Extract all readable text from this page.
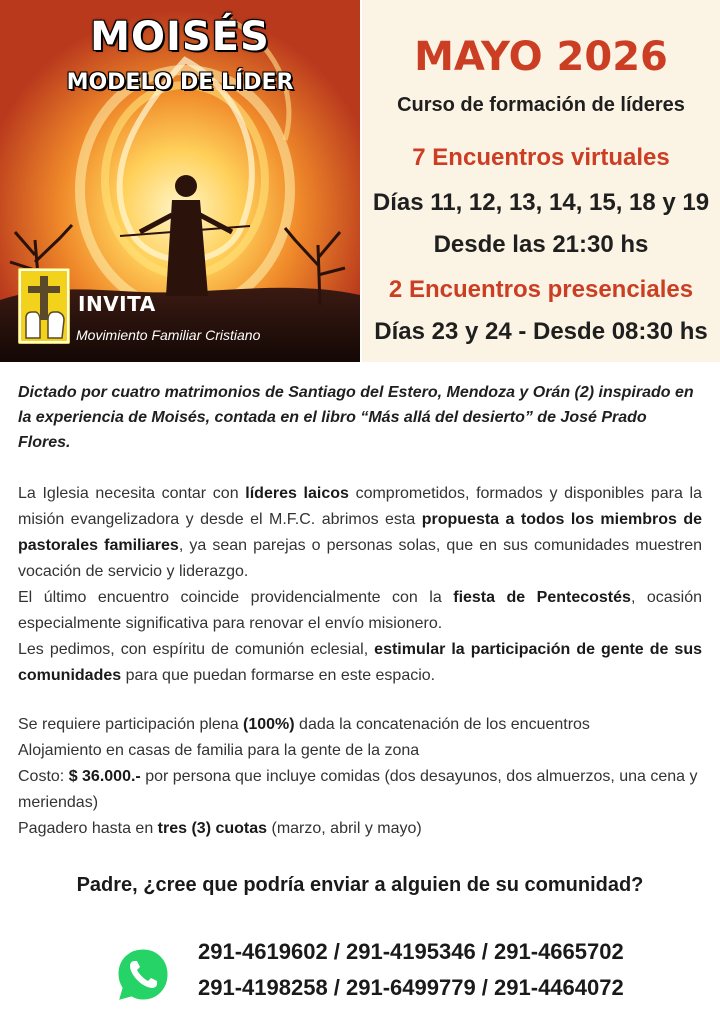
MOISÉS
MODELO DE LÍDER
INVITA
Movimiento Familiar Cristiano
MAYO 2026
Curso de formación de líderes
7 Encuentros virtuales
Días 11, 12, 13, 14, 15, 18 y 19
Desde las 21:30 hs
2 Encuentros presenciales
Días 23 y 24 - Desde 08:30 hs
Dictado por cuatro matrimonios de Santiago del Estero, Mendoza y Orán (2) inspirado en la experiencia de Moisés, contada en el libro “Más allá del desierto” de José Prado Flores.

La Iglesia necesita contar con líderes laicos comprometidos, formados y disponibles para la misión evangelizadora y desde el M.F.C. abrimos esta propuesta a todos los miembros de pastorales familiares, ya sean parejas o personas solas, que en sus comunidades muestren vocación de servicio y liderazgo.

El último encuentro coincide providencialmente con la fiesta de Pentecostés, ocasión especialmente significativa para renovar el envío misionero.

Les pedimos, con espíritu de comunión eclesial, estimular la participación de gente de sus comunidades para que puedan formarse en este espacio.

Se requiere participación plena (100%) dada la concatenación de los encuentros

Alojamiento en casas de familia para la gente de la zona

Costo: $ 36.000.- por persona que incluye comidas (dos desayunos, dos almuerzos, una cena y meriendas)

Pagadero hasta en tres (3) cuotas (marzo, abril y mayo)

Padre, ¿cree que podría enviar a alguien de su comunidad?
291-4619602 / 291-4195346 / 291-4665702
291-4198258 / 291-6499779 / 291-4464072
